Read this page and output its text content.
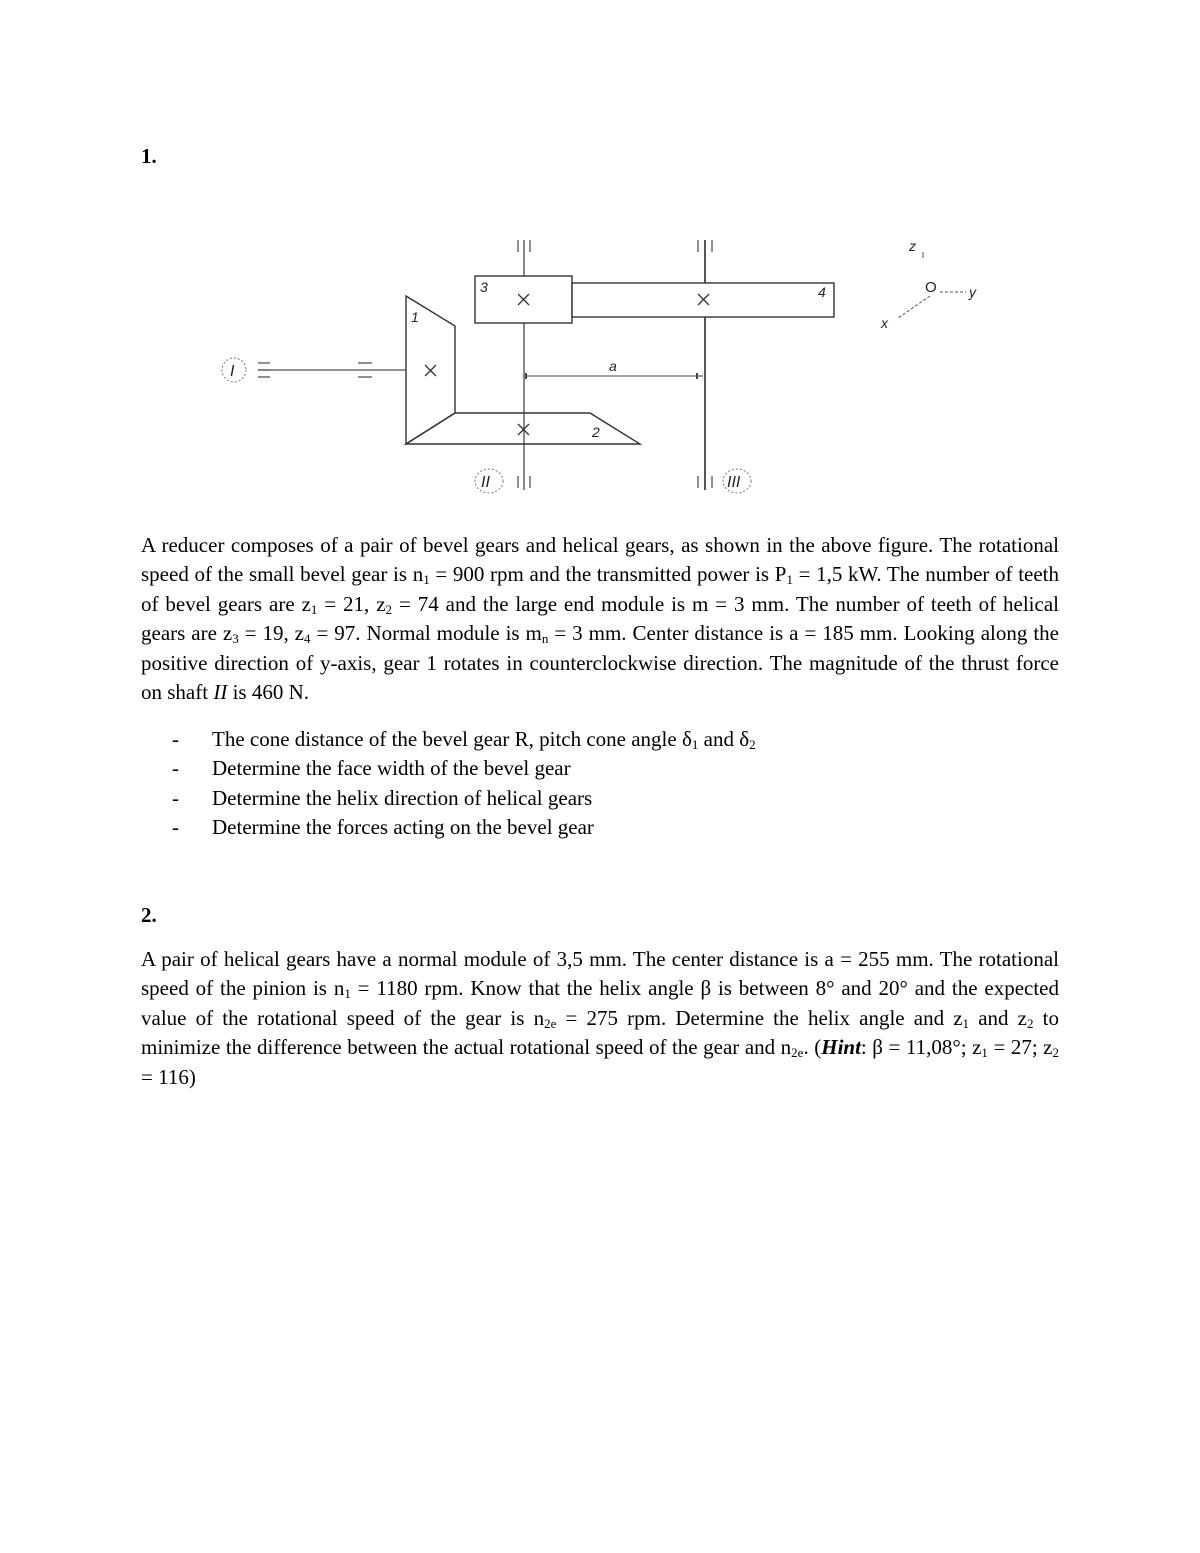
1.
1
2
3	4
a
I
II	III
z
O y
x
A reducer composes of a pair of bevel gears and helical gears, as shown in the above figure. The rotational speed of the small bevel gear is $n_1 = 900$ rpm and the transmitted power is $P_1 = 1,5$ kW. The number of teeth of bevel gears are $z_1 = 21$, $z_2 = 74$ and the large end module is m = 3 mm. The number of teeth of helical gears are $z_3 = 19$, $z_4 = 97$. Normal module is $m_n = 3$ mm. Center distance is a = 185 mm. Looking along the positive direction of y-axis, gear 1 rotates in counterclockwise direction. The magnitude of the thrust force on shaft II is 460 N.
- The cone distance of the bevel gear R, pitch cone angle $\delta_1$ and $\delta_2$
- Determine the face width of the bevel gear
- Determine the helix direction of helical gears
- Determine the forces acting on the bevel gear
2.
A pair of helical gears have a normal module of 3,5 mm. The center distance is a = 255 mm. The rotational speed of the pinion is $n_1 = 1180$ rpm. Know that the helix angle β is between 8° and 20° and the expected value of the rotational speed of the gear is $n_{2e} = 275$ rpm. Determine the helix angle and $z_1$ and $z_2$ to minimize the difference between the actual rotational speed of the gear and $n_{2e}$. (Hint: β = 11,08°; $z_1 = 27$; $z_2 = 116$)
